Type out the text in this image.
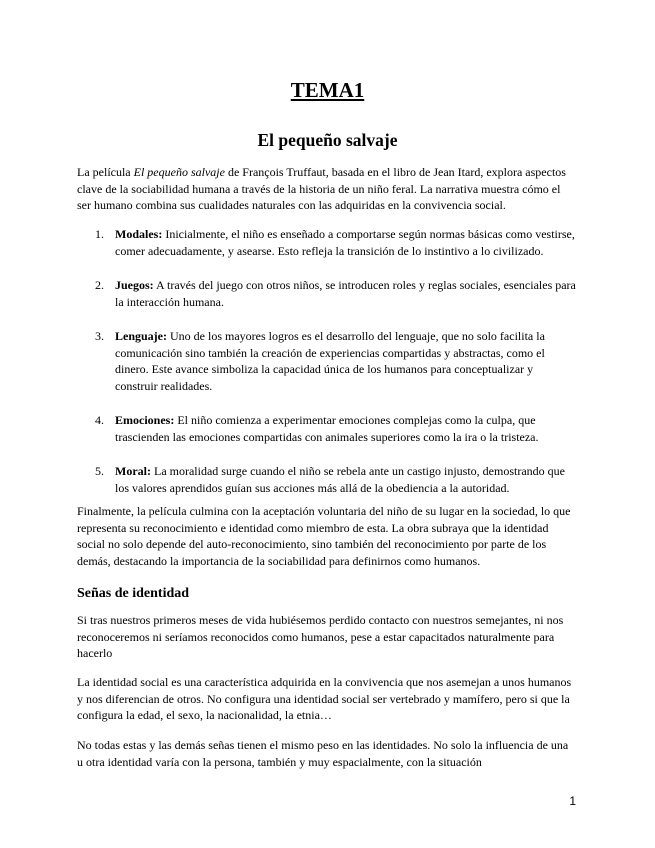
TEMA1
El pequeño salvaje

La película El pequeño salvaje de François Truffaut, basada en el libro de Jean Itard, explora aspectos clave de la sociabilidad humana a través de la historia de un niño feral. La narrativa muestra cómo el ser humano combina sus cualidades naturales con las adquiridas en la convivencia social.

1. Modales: Inicialmente, el niño es enseñado a comportarse según normas básicas como vestirse, comer adecuadamente, y asearse. Esto refleja la transición de lo instintivo a lo civilizado.
2. Juegos: A través del juego con otros niños, se introducen roles y reglas sociales, esenciales para la interacción humana.
3. Lenguaje: Uno de los mayores logros es el desarrollo del lenguaje, que no solo facilita la comunicación sino también la creación de experiencias compartidas y abstractas, como el dinero. Este avance simboliza la capacidad única de los humanos para conceptualizar y construir realidades.
4. Emociones: El niño comienza a experimentar emociones complejas como la culpa, que trascienden las emociones compartidas con animales superiores como la ira o la tristeza.
5. Moral: La moralidad surge cuando el niño se rebela ante un castigo injusto, demostrando que los valores aprendidos guían sus acciones más allá de la obediencia a la autoridad.

Finalmente, la película culmina con la aceptación voluntaria del niño de su lugar en la sociedad, lo que representa su reconocimiento e identidad como miembro de esta. La obra subraya que la identidad social no solo depende del auto-reconocimiento, sino también del reconocimiento por parte de los demás, destacando la importancia de la sociabilidad para definirnos como humanos.

Señas de identidad

Si tras nuestros primeros meses de vida hubiésemos perdido contacto con nuestros semejantes, ni nos reconoceremos ni seríamos reconocidos como humanos, pese a estar capacitados naturalmente para hacerlo

La identidad social es una característica adquirida en la convivencia que nos asemejan a unos humanos y nos diferencian de otros. No configura una identidad social ser vertebrado y mamífero, pero si que la configura la edad, el sexo, la nacionalidad, la etnia…

No todas estas y las demás señas tienen el mismo peso en las identidades. No solo la influencia de una u otra identidad varía con la persona, también y muy espacialmente, con la situación

1
